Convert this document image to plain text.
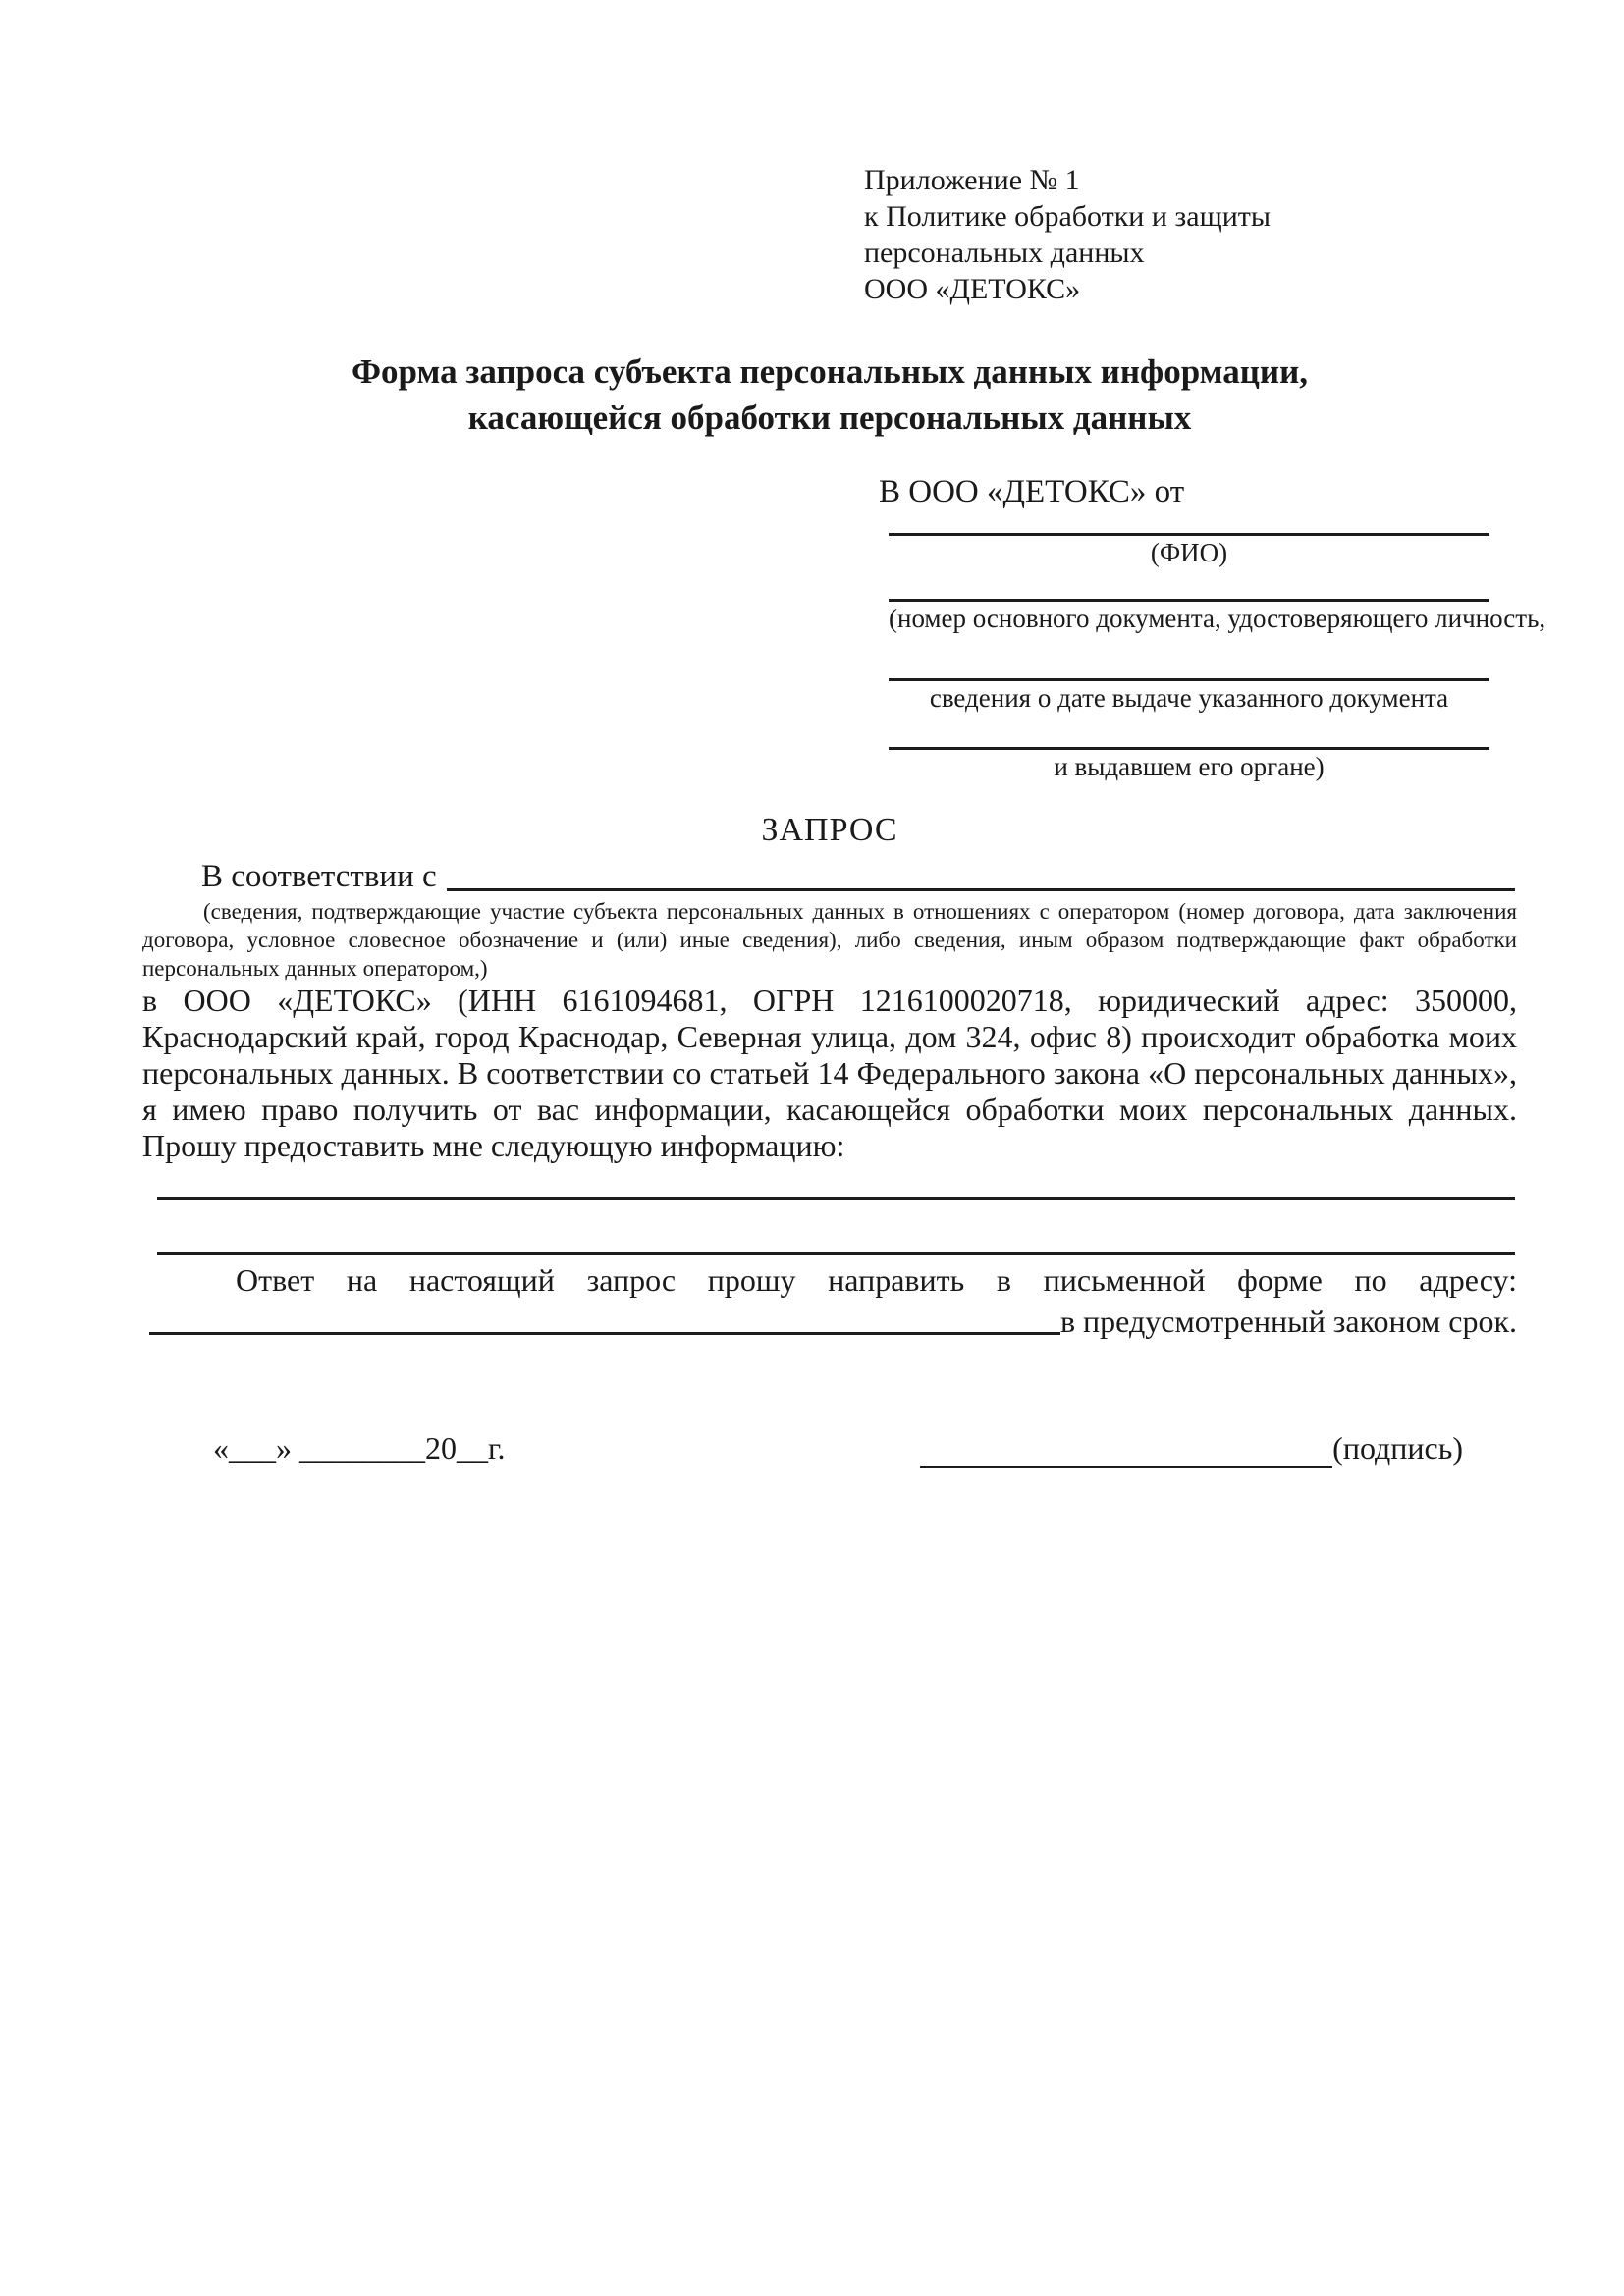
Приложение № 1
к Политике обработки и защиты
персональных данных
ООО «ДЕТОКС»
Форма запроса субъекта персональных данных информации, касающейся обработки персональных данных
В ООО «ДЕТОКС» от
(ФИО)
(номер основного документа, удостоверяющего личность,
сведения о дате выдаче указанного документа
и выдавшем его органе)
ЗАПРОС
В соответствии с
(сведения, подтверждающие участие субъекта персональных данных в отношениях с оператором (номер договора, дата заключения договора, условное словесное обозначение и (или) иные сведения), либо сведения, иным образом подтверждающие факт обработки персональных данных оператором,)
в ООО «ДЕТОКС» (ИНН 6161094681, ОГРН 1216100020718, юридический адрес: 350000, Краснодарский край, город Краснодар, Северная улица, дом 324, офис 8) происходит обработка моих персональных данных. В соответствии со статьей 14 Федерального закона «О персональных данных», я имею право получить от вас информации, касающейся обработки моих персональных данных. Прошу предоставить мне следующую информацию:
Ответ на настоящий запрос прошу направить в письменной форме по адресу:
в предусмотренный законом срок.
«___» ________20__г.	(подпись)
